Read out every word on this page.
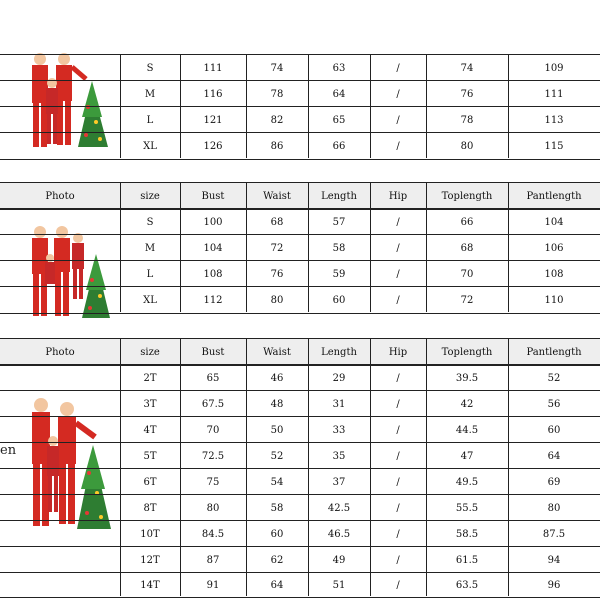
S	111	74	63	/	74	109
M	116	78	64	/	76	111
L	121	82	65	/	78	113
XL	126	86	66	/	80	115
Photo	size	Bust	Waist	Length	Hip	Toplength	Pantlength
S	100	68	57	/	66	104
M	104	72	58	/	68	106
L	108	76	59	/	70	108
XL	112	80	60	/	72	110
en
Photo	size	Bust	Waist	Length	Hip	Toplength	Pantlength
2T	65	46	29	/	39.5	52
3T	67.5	48	31	/	42	56
4T	70	50	33	/	44.5	60
5T	72.5	52	35	/	47	64
6T	75	54	37	/	49.5	69
8T	80	58	42.5	/	55.5	80
10T	84.5	60	46.5	/	58.5	87.5
12T	87	62	49	/	61.5	94
14T	91	64	51	/	63.5	96
